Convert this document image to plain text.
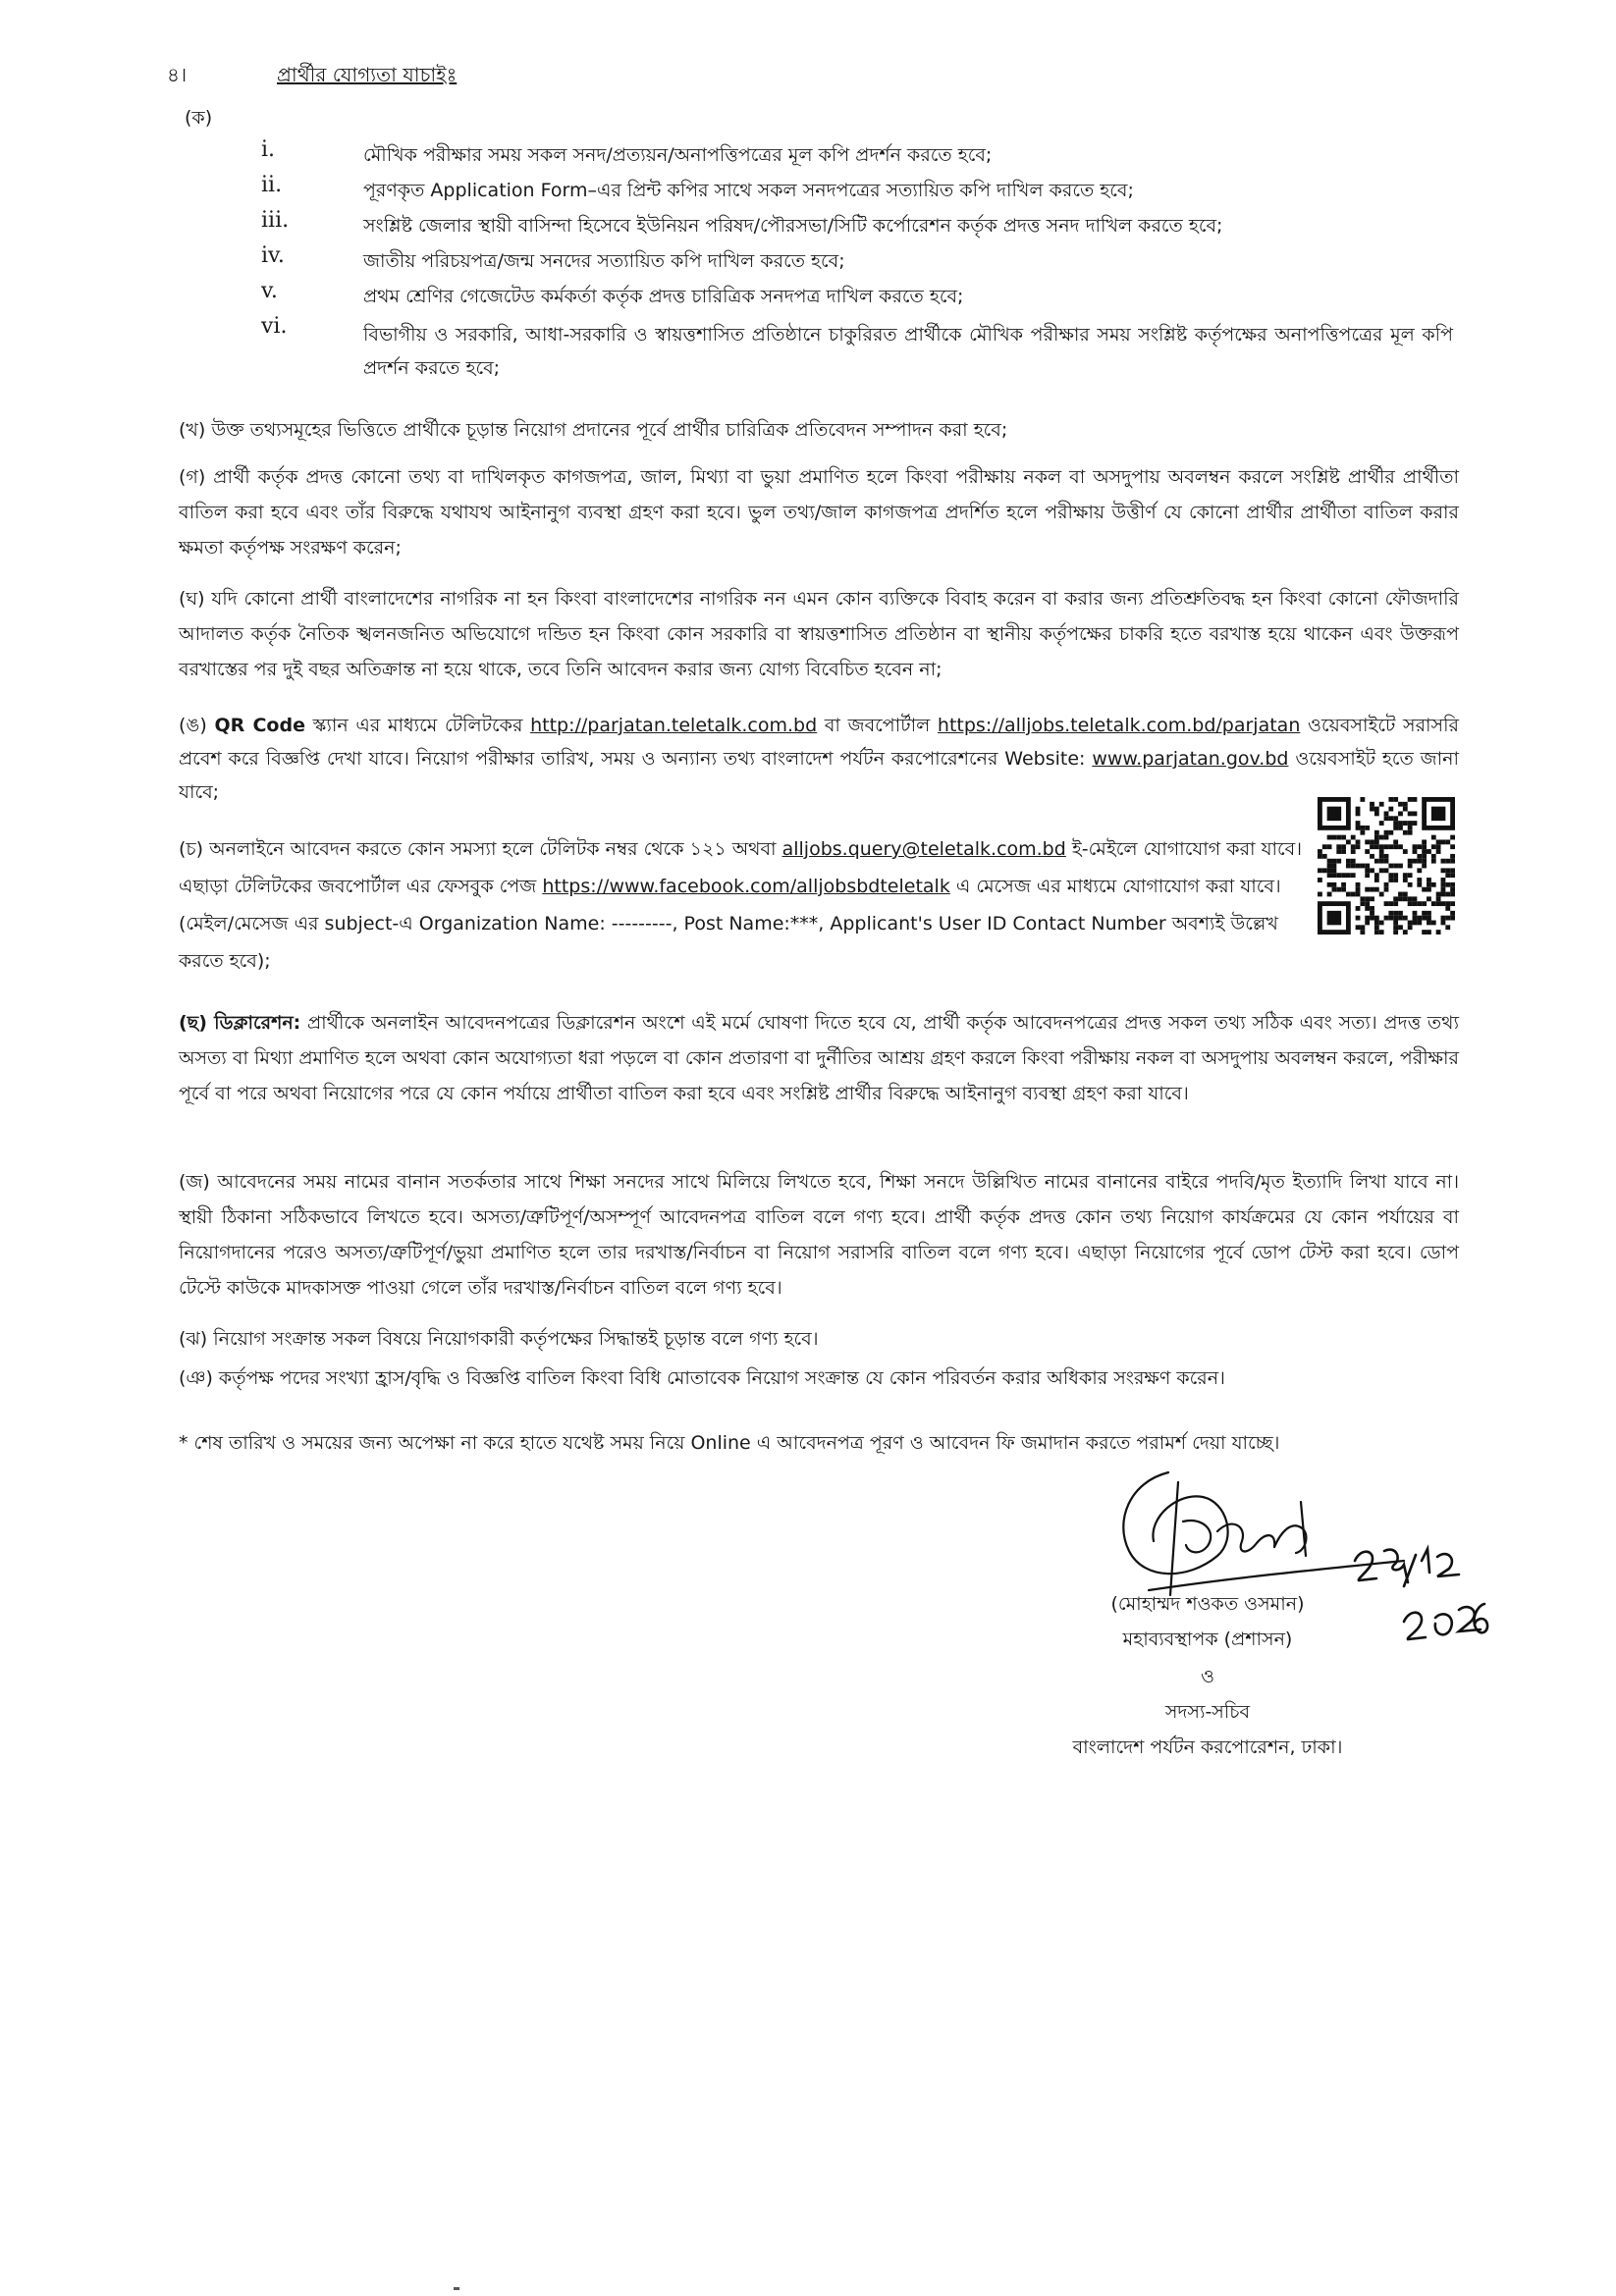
৪।	প্রার্থীর যোগ্যতা যাচাইঃ
(ক)
i.	মৌখিক পরীক্ষার সময় সকল সনদ/প্রত্যয়ন/অনাপত্তিপত্রের মূল কপি প্রদর্শন করতে হবে;
ii.	পূরণকৃত Application Form–এর প্রিন্ট কপির সাথে সকল সনদপত্রের সত্যায়িত কপি দাখিল করতে হবে;
iii.	সংশ্লিষ্ট জেলার স্থায়ী বাসিন্দা হিসেবে ইউনিয়ন পরিষদ/পৌরসভা/সিটি কর্পোরেশন কর্তৃক প্রদত্ত সনদ দাখিল করতে হবে;
iv.	জাতীয় পরিচয়পত্র/জন্ম সনদের সত্যায়িত কপি দাখিল করতে হবে;
v.	প্রথম শ্রেণির গেজেটেড কর্মকর্তা কর্তৃক প্রদত্ত চারিত্রিক সনদপত্র দাখিল করতে হবে;
vi.	বিভাগীয় ও সরকারি, আধা-সরকারি ও স্বায়ত্তশাসিত প্রতিষ্ঠানে চাকুরিরত প্রার্থীকে মৌখিক পরীক্ষার সময় সংশ্লিষ্ট কর্তৃপক্ষের অনাপত্তিপত্রের মূল কপি প্রদর্শন করতে হবে;
(খ) উক্ত তথ্যসমূহের ভিত্তিতে প্রার্থীকে চূড়ান্ত নিয়োগ প্রদানের পূর্বে প্রার্থীর চারিত্রিক প্রতিবেদন সম্পাদন করা হবে;
(গ) প্রার্থী কর্তৃক প্রদত্ত কোনো তথ্য বা দাখিলকৃত কাগজপত্র, জাল, মিথ্যা বা ভুয়া প্রমাণিত হলে কিংবা পরীক্ষায় নকল বা অসদুপায় অবলম্বন করলে সংশ্লিষ্ট প্রার্থীর প্রার্থীতা বাতিল করা হবে এবং তাঁর বিরুদ্ধে যথাযথ আইনানুগ ব্যবস্থা গ্রহণ করা হবে। ভুল তথ্য/জাল কাগজপত্র প্রদর্শিত হলে পরীক্ষায় উত্তীর্ণ যে কোনো প্রার্থীর প্রার্থীতা বাতিল করার ক্ষমতা কর্তৃপক্ষ সংরক্ষণ করেন;
(ঘ) যদি কোনো প্রার্থী বাংলাদেশের নাগরিক না হন কিংবা বাংলাদেশের নাগরিক নন এমন কোন ব্যক্তিকে বিবাহ করেন বা করার জন্য প্রতিশ্রুতিবদ্ধ হন কিংবা কোনো ফৌজদারি আদালত কর্তৃক নৈতিক স্খলনজনিত অভিযোগে দন্ডিত হন কিংবা কোন সরকারি বা স্বায়ত্তশাসিত প্রতিষ্ঠান বা স্থানীয় কর্তৃপক্ষের চাকরি হতে বরখাস্ত হয়ে থাকেন এবং উক্তরূপ বরখাস্তের পর দুই বছর অতিক্রান্ত না হয়ে থাকে, তবে তিনি আবেদন করার জন্য যোগ্য বিবেচিত হবেন না;
(ঙ) QR Code স্ক্যান এর মাধ্যমে টেলিটকের http://parjatan.teletalk.com.bd বা জবপোর্টাল https://alljobs.teletalk.com.bd/parjatan ওয়েবসাইটে সরাসরি প্রবেশ করে বিজ্ঞপ্তি দেখা যাবে। নিয়োগ পরীক্ষার তারিখ, সময় ও অন্যান্য তথ্য বাংলাদেশ পর্যটন করপোরেশনের Website: www.parjatan.gov.bd ওয়েবসাইট হতে জানা যাবে;
(চ) অনলাইনে আবেদন করতে কোন সমস্যা হলে টেলিটক নম্বর থেকে ১২১ অথবা alljobs.query@teletalk.com.bd ই-মেইলে যোগাযোগ করা যাবে। এছাড়া টেলিটকের জবপোর্টাল এর ফেসবুক পেজ https://www.facebook.com/alljobsbdteletalk এ মেসেজ এর মাধ্যমে যোগাযোগ করা যাবে। (মেইল/মেসেজ এর subject-এ Organization Name: ---------, Post Name:***, Applicant's User ID Contact Number অবশ্যই উল্লেখ করতে হবে);
(ছ) ডিক্লারেশন: প্রার্থীকে অনলাইন আবেদনপত্রের ডিক্লারেশন অংশে এই মর্মে ঘোষণা দিতে হবে যে, প্রার্থী কর্তৃক আবেদনপত্রের প্রদত্ত সকল তথ্য সঠিক এবং সত্য। প্রদত্ত তথ্য অসত্য বা মিথ্যা প্রমাণিত হলে অথবা কোন অযোগ্যতা ধরা পড়লে বা কোন প্রতারণা বা দুর্নীতির আশ্রয় গ্রহণ করলে কিংবা পরীক্ষায় নকল বা অসদুপায় অবলম্বন করলে, পরীক্ষার পূর্বে বা পরে অথবা নিয়োগের পরে যে কোন পর্যায়ে প্রার্থীতা বাতিল করা হবে এবং সংশ্লিষ্ট প্রার্থীর বিরুদ্ধে আইনানুগ ব্যবস্থা গ্রহণ করা যাবে।
(জ) আবেদনের সময় নামের বানান সতর্কতার সাথে শিক্ষা সনদের সাথে মিলিয়ে লিখতে হবে, শিক্ষা সনদে উল্লিখিত নামের বানানের বাইরে পদবি/মৃত ইত্যাদি লিখা যাবে না। স্থায়ী ঠিকানা সঠিকভাবে লিখতে হবে। অসত্য/ত্রুটিপূর্ণ/অসম্পূর্ণ আবেদনপত্র বাতিল বলে গণ্য হবে। প্রার্থী কর্তৃক প্রদত্ত কোন তথ্য নিয়োগ কার্যক্রমের যে কোন পর্যায়ের বা নিয়োগদানের পরেও অসত্য/ত্রুটিপূর্ণ/ভুয়া প্রমাণিত হলে তার দরখাস্ত/নির্বাচন বা নিয়োগ সরাসরি বাতিল বলে গণ্য হবে। এছাড়া নিয়োগের পূর্বে ডোপ টেস্ট করা হবে। ডোপ টেস্টে কাউকে মাদকাসক্ত পাওয়া গেলে তাঁর দরখাস্ত/নির্বাচন বাতিল বলে গণ্য হবে।
(ঝ) নিয়োগ সংক্রান্ত সকল বিষয়ে নিয়োগকারী কর্তৃপক্ষের সিদ্ধান্তই চূড়ান্ত বলে গণ্য হবে।
(ঞ) কর্তৃপক্ষ পদের সংখ্যা হ্রাস/বৃদ্ধি ও বিজ্ঞপ্তি বাতিল কিংবা বিধি মোতাবেক নিয়োগ সংক্রান্ত যে কোন পরিবর্তন করার অধিকার সংরক্ষণ করেন।
* শেষ তারিখ ও সময়ের জন্য অপেক্ষা না করে হাতে যথেষ্ট সময় নিয়ে Online এ আবেদনপত্র পূরণ ও আবেদন ফি জমাদান করতে পরামর্শ দেয়া যাচ্ছে।
(মোহাম্মদ শওকত ওসমান)
মহাব্যবস্থাপক (প্রশাসন)
ও
সদস্য-সচিব
বাংলাদেশ পর্যটন করপোরেশন, ঢাকা।
